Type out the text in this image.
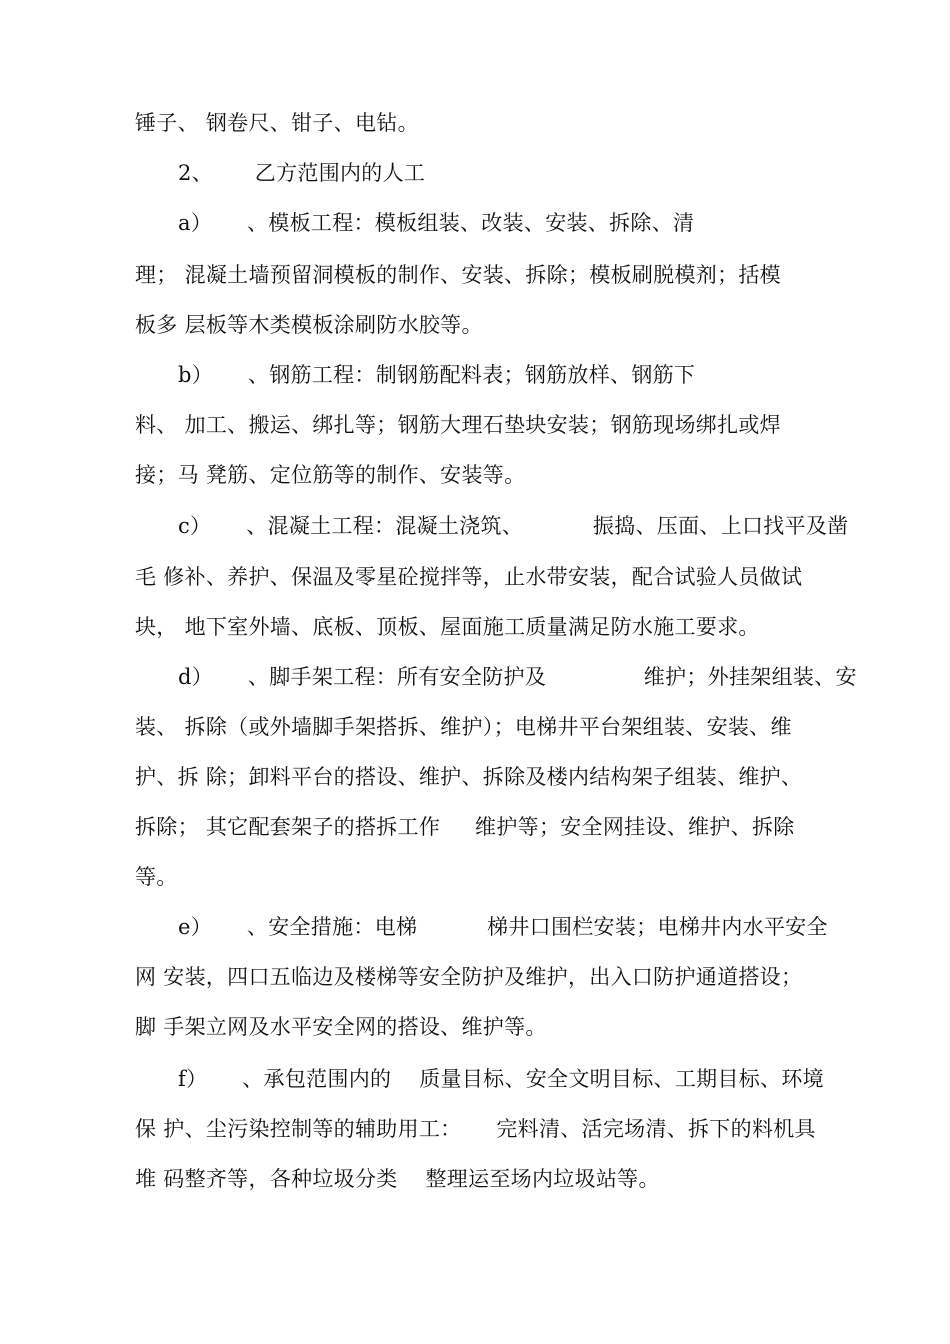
锤子、 钢卷尺、钳子、电钻。
2、      乙方范围内的人工
a）     、模板工程：模板组装、改装、安装、拆除、清
理； 混凝土墙预留洞模板的制作、安装、拆除；模板刷脱模剂；括模
板多 层板等木类模板涂刷防水胶等。
b）     、钢筋工程：制钢筋配料表；钢筋放样、钢筋下
料、 加工、搬运、绑扎等；钢筋大理石垫块安装；钢筋现场绑扎或焊
接；马 凳筋、定位筋等的制作、安装等。
c）     、混凝土工程：混凝土浇筑、          振捣、压面、上口找平及凿
毛 修补、养护、保温及零星砼搅拌等，止水带安装，配合试验人员做试
块， 地下室外墙、底板、顶板、屋面施工质量满足防水施工要求。
d）     、脚手架工程：所有安全防护及              维护；外挂架组装、安
装、 拆除（或外墙脚手架搭拆、维护）；电梯井平台架组装、安装、维
护、拆 除；卸料平台的搭设、维护、拆除及楼内结构架子组装、维护、
拆除； 其它配套架子的搭拆工作     维护等；安全网挂设、维护、拆除
等。
e）     、安全措施：电梯          梯井口围栏安装；电梯井内水平安全
网 安装，四口五临边及楼梯等安全防护及维护，出入口防护通道搭设；
脚 手架立网及水平安全网的搭设、维护等。
f）     、承包范围内的    质量目标、安全文明目标、工期目标、环境
保 护、尘污染控制等的辅助用工：     完料清、活完场清、拆下的料机具
堆 码整齐等，各种垃圾分类    整理运至场内垃圾站等。
